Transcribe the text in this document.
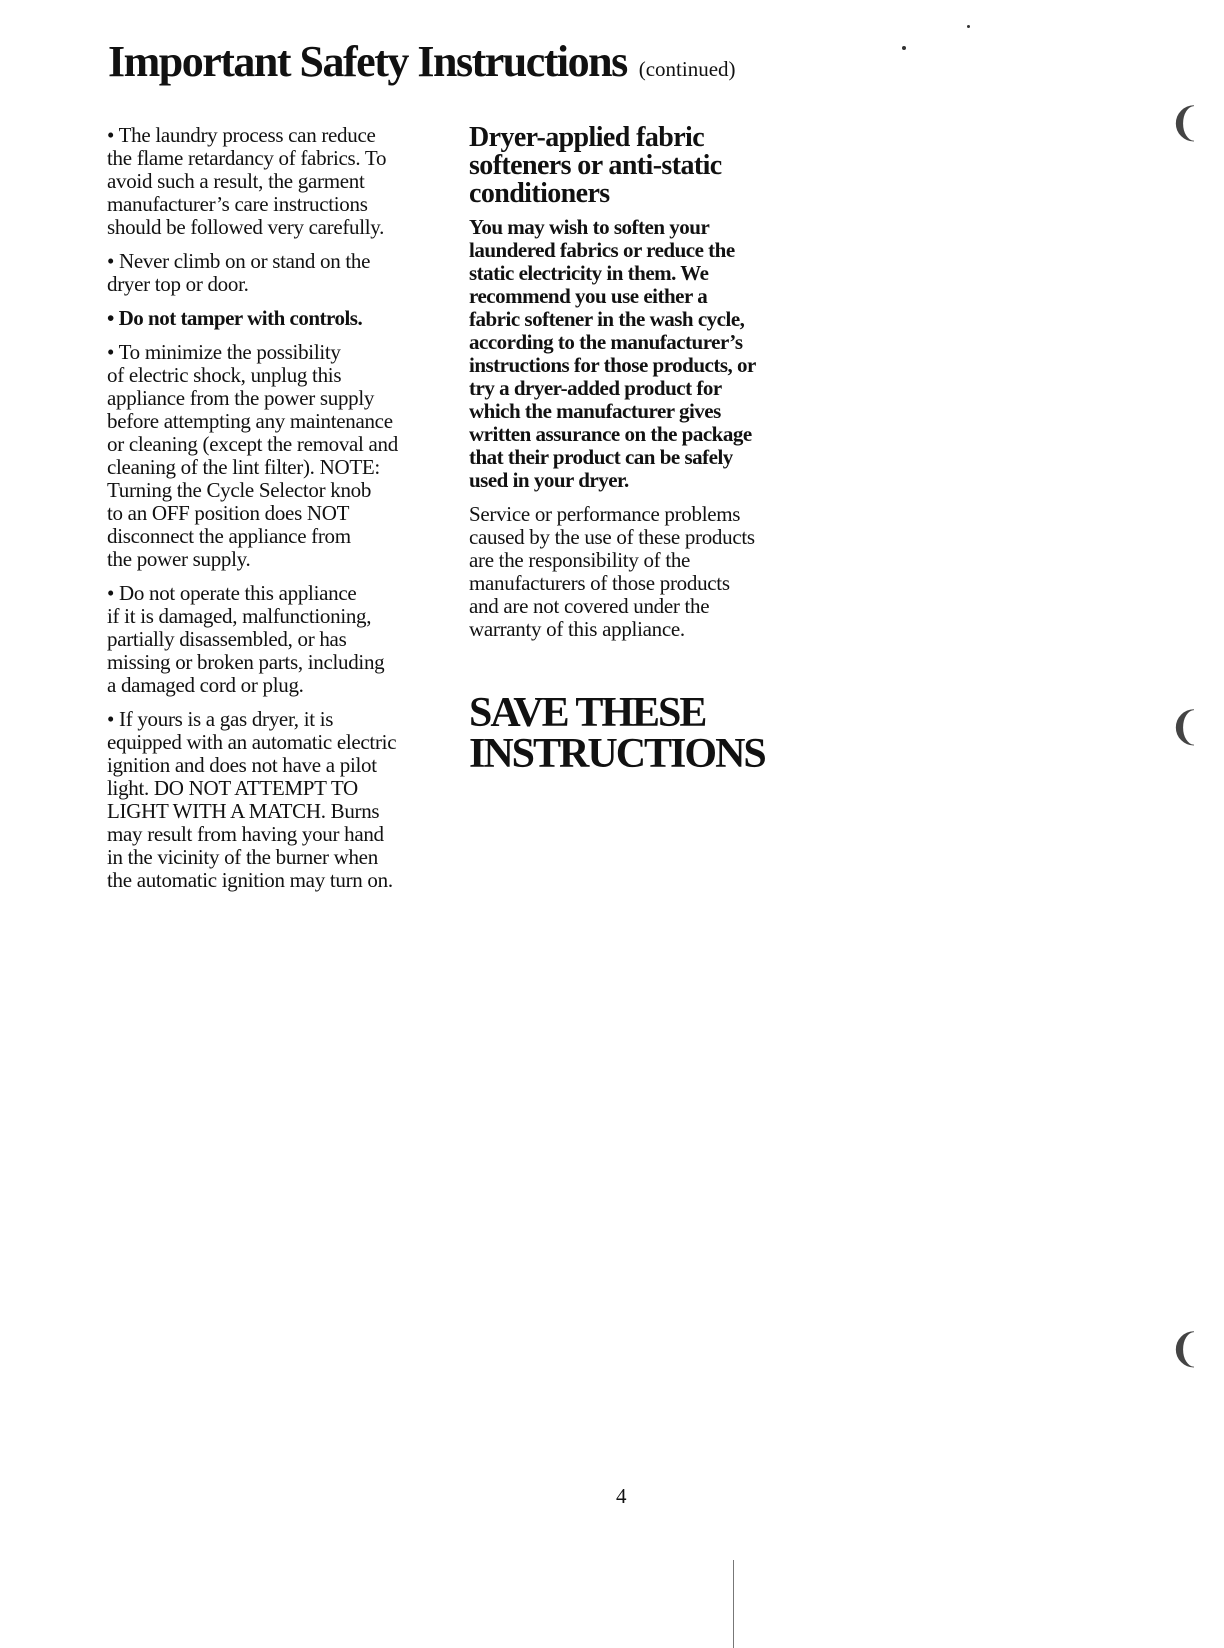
Important Safety Instructions (continued)

• The laundry process can reduce
the flame retardancy of fabrics. To
avoid such a result, the garment
manufacturer’s care instructions
should be followed very carefully.

• Never climb on or stand on the
dryer top or door.

• Do not tamper with controls.

• To minimize the possibility
of electric shock, unplug this
appliance from the power supply
before attempting any maintenance
or cleaning (except the removal and
cleaning of the lint filter). NOTE:
Turning the Cycle Selector knob
to an OFF position does NOT
disconnect the appliance from
the power supply.

• Do not operate this appliance
if it is damaged, malfunctioning,
partially disassembled, or has
missing or broken parts, including
a damaged cord or plug.

• If yours is a gas dryer, it is
equipped with an automatic electric
ignition and does not have a pilot
light. DO NOT ATTEMPT TO
LIGHT WITH A MATCH. Burns
may result from having your hand
in the vicinity of the burner when
the automatic ignition may turn on.

Dryer-applied fabric
softeners or anti-static
conditioners

You may wish to soften your
laundered fabrics or reduce the
static electricity in them. We
recommend you use either a
fabric softener in the wash cycle,
according to the manufacturer’s
instructions for those products, or
try a dryer-added product for
which the manufacturer gives
written assurance on the package
that their product can be safely
used in your dryer.

Service or performance problems
caused by the use of these products
are the responsibility of the
manufacturers of those products
and are not covered under the
warranty of this appliance.

SAVE THESE
INSTRUCTIONS
4
❨
❨
❨
